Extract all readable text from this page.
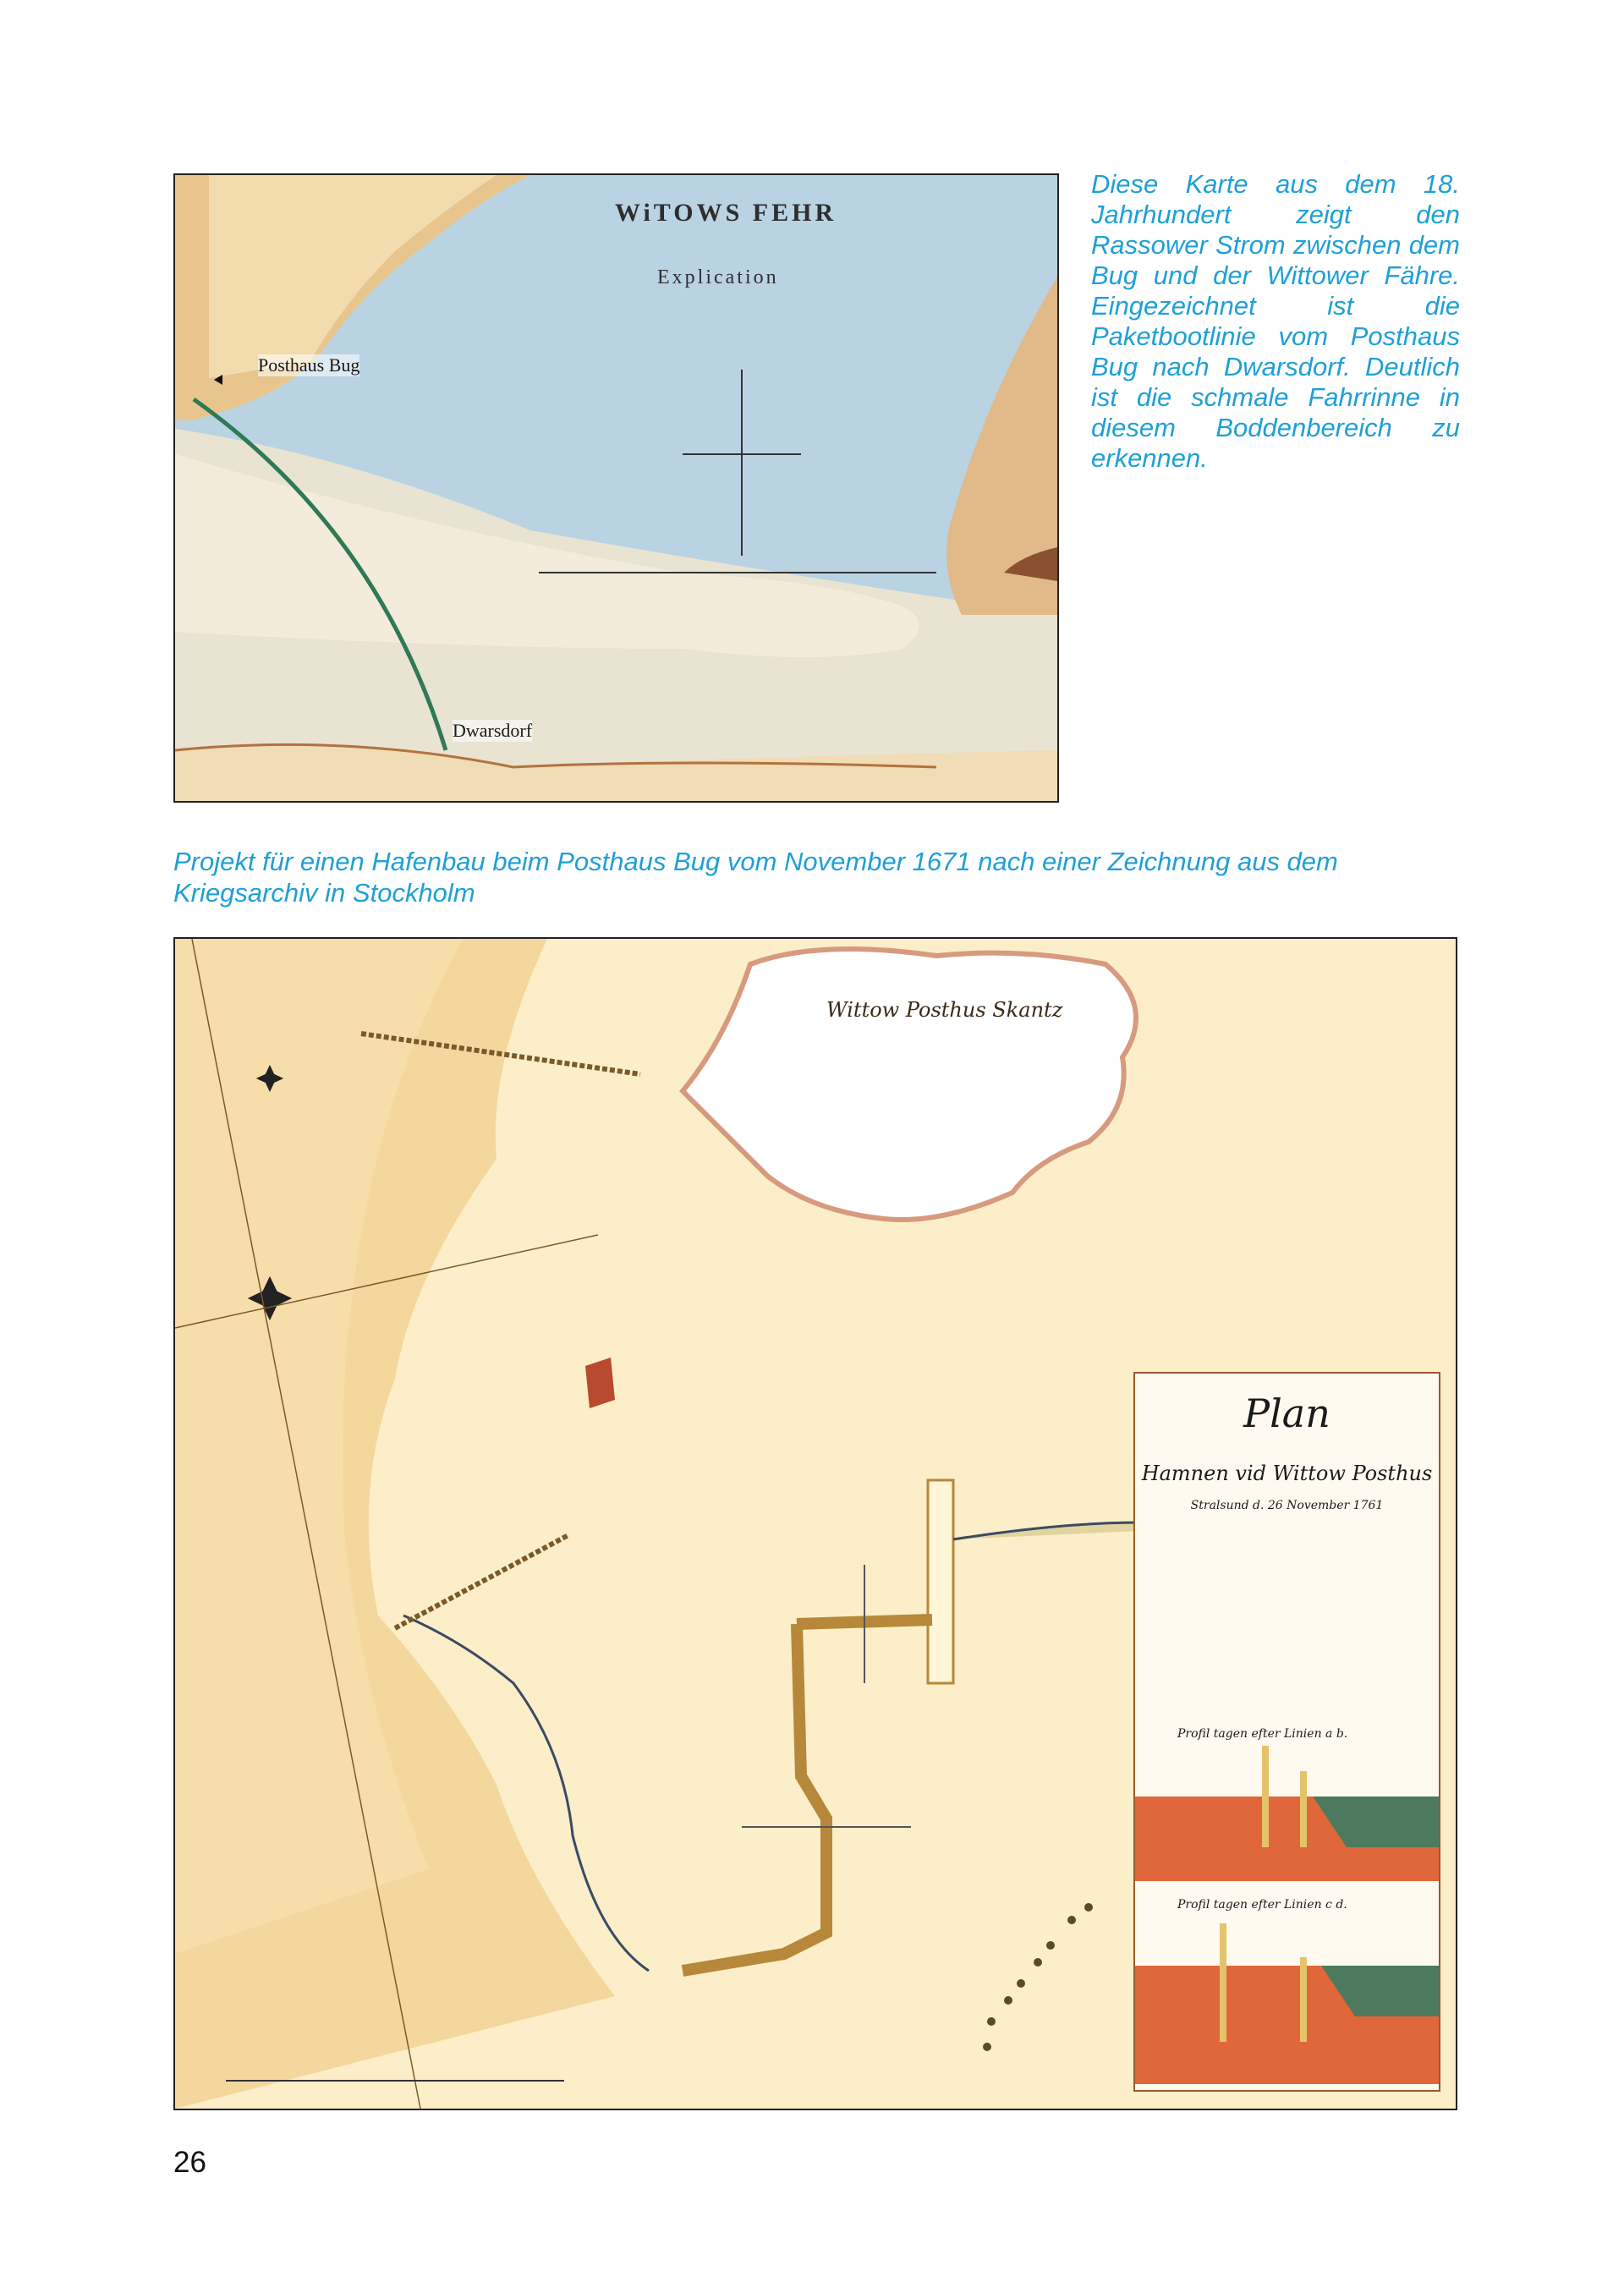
WiTOWS FEHR
Explication
Posthaus Bug
Dwarsdorf
Diese Karte aus dem 18. Jahrhundert zeigt den Rassower Strom zwischen dem Bug und der Wittower Fähre. Eingezeichnet ist die Paketbootlinie vom Posthaus Bug nach Dwarsdorf. Deutlich ist die schmale Fahrrinne in diesem Boddenbereich zu erkennen.
Projekt für einen Hafenbau beim Posthaus Bug vom November 1671 nach einer Zeichnung aus dem Kriegsarchiv in Stockholm
Wittow Posthus Skantz
Plan
Hamnen vid Wittow Posthus
Stralsund d. 26 November 1761
Profil tagen efter Linien a b.
Profil tagen efter Linien c d.
26
